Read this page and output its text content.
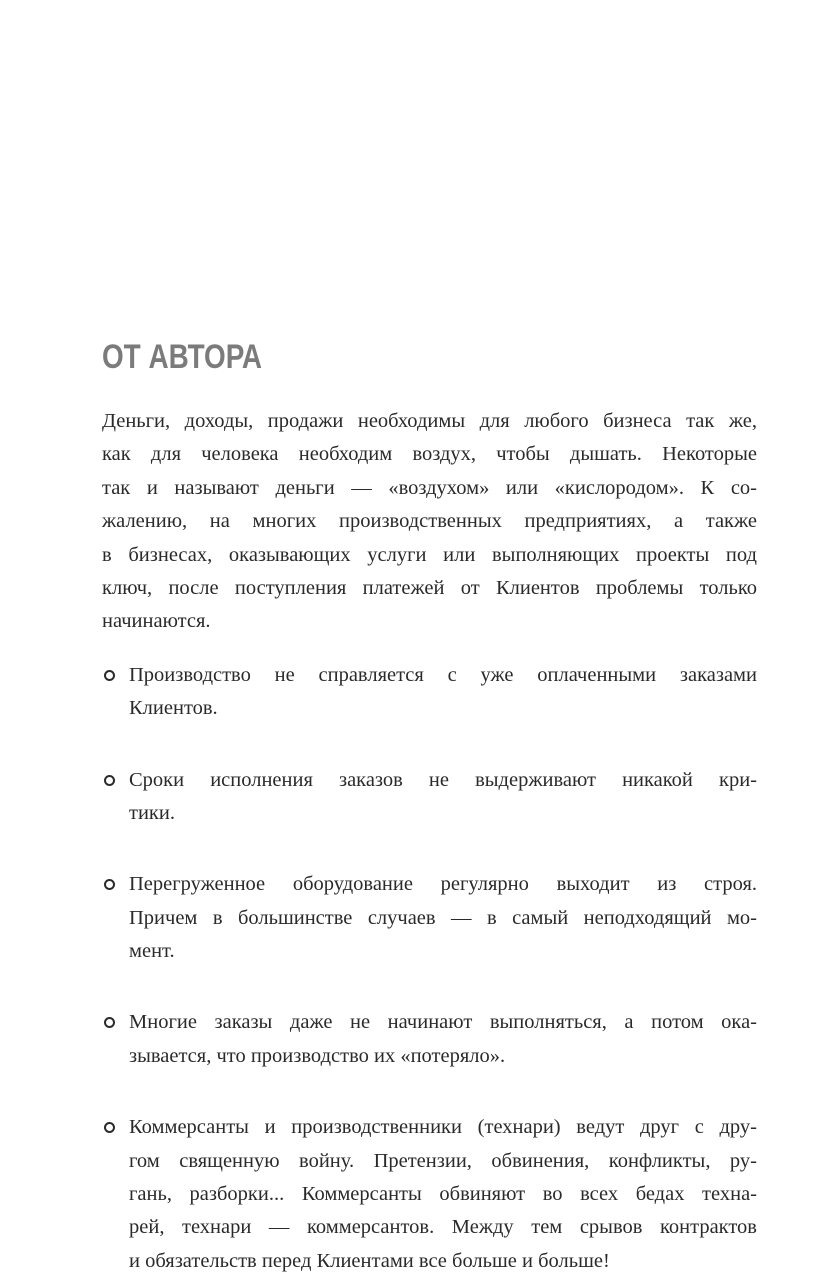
ОТ АВТОРА
Деньги, доходы, продажи необходимы для любого бизнеса так же,
как для человека необходим воздух, чтобы дышать. Некоторые
так и называют деньги — «воздухом» или «кислородом». К со-
жалению, на многих производственных предприятиях, а также
в бизнесах, оказывающих услуги или выполняющих проекты под
ключ, после поступления платежей от Клиентов проблемы только
начинаются.
Производство не справляется с уже оплаченными заказами
Клиентов.
Сроки исполнения заказов не выдерживают никакой кри-
тики.
Перегруженное оборудование регулярно выходит из строя.
Причем в большинстве случаев — в самый неподходящий мо-
мент.
Многие заказы даже не начинают выполняться, а потом ока-
зывается, что производство их «потеряло».
Коммерсанты и производственники (технари) ведут друг с дру-
гом священную войну. Претензии, обвинения, конфликты, ру-
гань, разборки... Коммерсанты обвиняют во всех бедах техна-
рей, технари — коммерсантов. Между тем срывов контрактов
и обязательств перед Клиентами все больше и больше!
